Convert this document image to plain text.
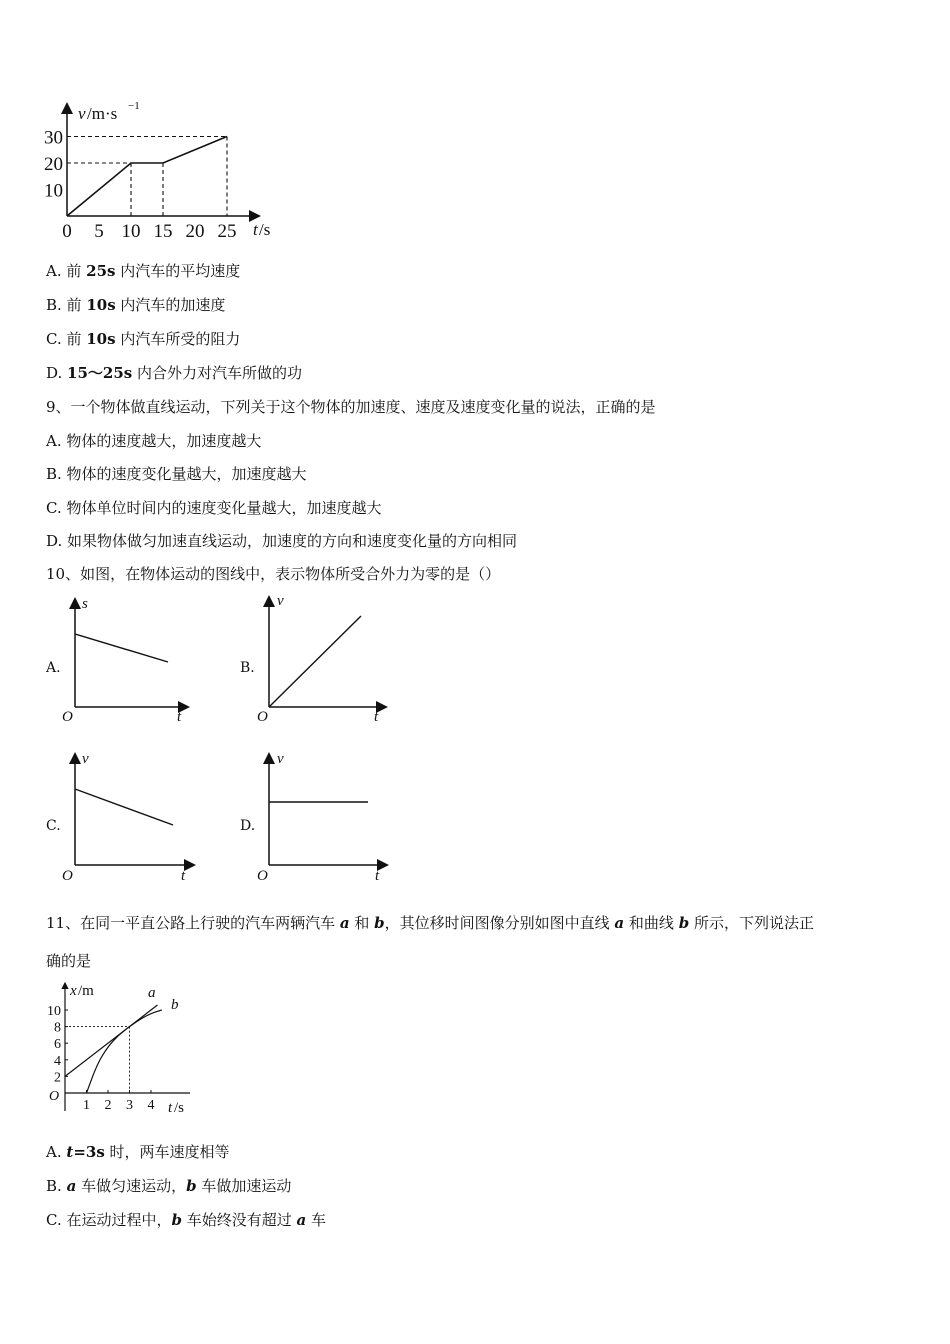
v /m·s −1
30
20
10
0 5 10 15 20 25 t /s
A. 前 25s 内汽车的平均速度
B. 前 10s 内汽车的加速度
C. 前 10s 内汽车所受的阻力
D. 15～25s 内合外力对汽车所做的功
9、一个物体做直线运动，下列关于这个物体的加速度、速度及速度变化量的说法，正确的是
A. 物体的速度越大，加速度越大
B. 物体的速度变化量越大，加速度越大
C. 物体单位时间内的速度变化量越大，加速度越大
D. 如果物体做匀加速直线运动，加速度的方向和速度变化量的方向相同
10、如图，在物体运动的图线中，表示物体所受合外力为零的是（）
A.
s
t
O
B.
v
t
O
C.
v
t
O
D.
v
t
O
11、在同一平直公路上行驶的汽车两辆汽车 a 和 b，其位移时间图像分别如图中直线 a 和曲线 b 所示，下列说法正
确的是
10
8
6
4
2
1 2 3 4
x /m
t /s
O
a
b
A. t=3s 时，两车速度相等
B. a 车做匀速运动，b 车做加速运动
C. 在运动过程中，b 车始终没有超过 a 车
